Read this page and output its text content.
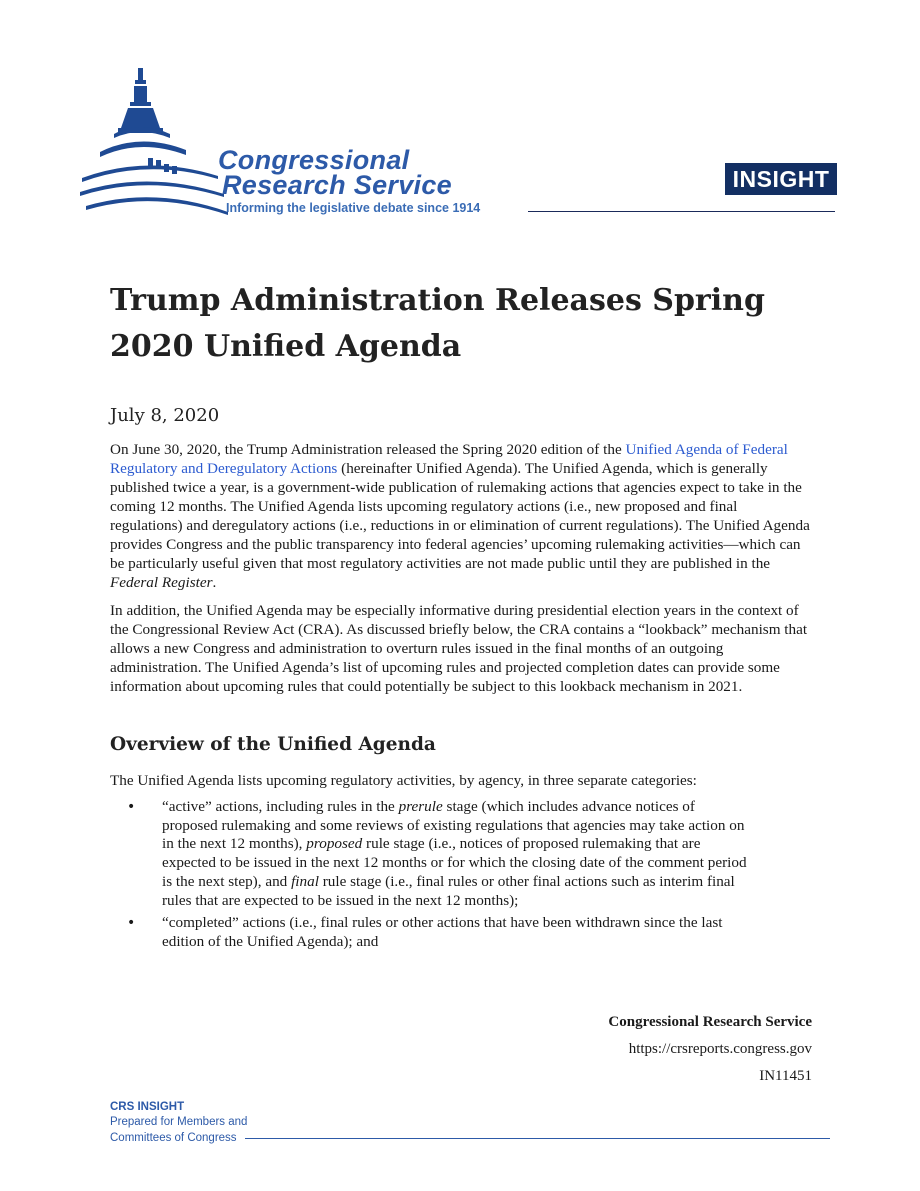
Congressional
Research Service
Informing the legislative debate since 1914
INSIGHT
Trump Administration Releases Spring 2020 Unified Agenda
July 8, 2020

On June 30, 2020, the Trump Administration released the Spring 2020 edition of the Unified Agenda of Federal Regulatory and Deregulatory Actions (hereinafter Unified Agenda). The Unified Agenda, which is generally published twice a year, is a government-wide publication of rulemaking actions that agencies expect to take in the coming 12 months. The Unified Agenda lists upcoming regulatory actions (i.e., new proposed and final regulations) and deregulatory actions (i.e., reductions in or elimination of current regulations). The Unified Agenda provides Congress and the public transparency into federal agencies’ upcoming rulemaking activities—which can be particularly useful given that most regulatory activities are not made public until they are published in the Federal Register.

In addition, the Unified Agenda may be especially informative during presidential election years in the context of the Congressional Review Act (CRA). As discussed briefly below, the CRA contains a “lookback” mechanism that allows a new Congress and administration to overturn rules issued in the final months of an outgoing administration. The Unified Agenda’s list of upcoming rules and projected completion dates can provide some information about upcoming rules that could potentially be subject to this lookback mechanism in 2021.

Overview of the Unified Agenda

The Unified Agenda lists upcoming regulatory activities, by agency, in three separate categories:

• “active” actions, including rules in the prerule stage (which includes advance notices of proposed rulemaking and some reviews of existing regulations that agencies may take action on in the next 12 months), proposed rule stage (i.e., notices of proposed rulemaking that are expected to be issued in the next 12 months or for which the closing date of the comment period is the next step), and final rule stage (i.e., final rules or other final actions such as interim final rules that are expected to be issued in the next 12 months);
• “completed” actions (i.e., final rules or other actions that have been withdrawn since the last edition of the Unified Agenda); and
Congressional Research Service
https://crsreports.congress.gov
IN11451
CRS INSIGHT
Prepared for Members and
Committees of Congress
